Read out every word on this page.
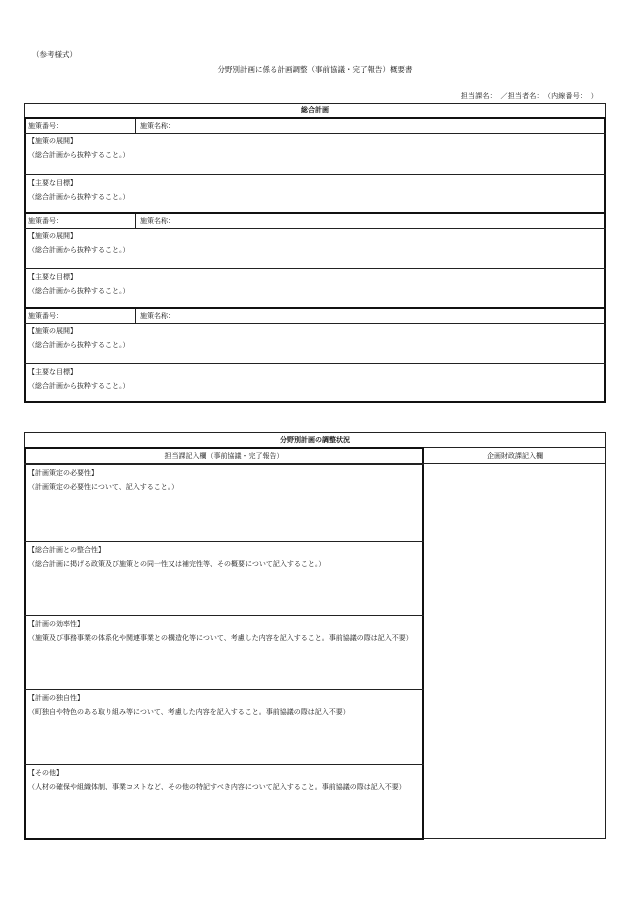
（参考様式）
分野別計画に係る計画調整（事前協議・完了報告）概要書
担当課名：　／担当者名：　（内線番号：　）
総合計画
施策番号：	施策名称：
【施策の展開】
（総合計画から抜粋すること。）
【主要な目標】
（総合計画から抜粋すること。）
施策番号：	施策名称：
【施策の展開】
（総合計画から抜粋すること。）
【主要な目標】
（総合計画から抜粋すること。）
施策番号：	施策名称：
【施策の展開】
（総合計画から抜粋すること。）
【主要な目標】
（総合計画から抜粋すること。）
分野別計画の調整状況
担当課記入欄（事前協議・完了報告）	企画財政課記入欄
【計画策定の必要性】
（計画策定の必要性について、記入すること。）
【総合計画との整合性】
（総合計画に掲げる政策及び施策との同一性又は補完性等、その概要について記入すること。）
【計画の効率性】
（施策及び事務事業の体系化や関連事業との構造化等について、考慮した内容を記入すること。事前協議の際は記入不要）
【計画の独自性】
（町独自や特色のある取り組み等について、考慮した内容を記入すること。事前協議の際は記入不要）
【その他】
（人材の確保や組織体制、事業コストなど、その他の特記すべき内容について記入すること。事前協議の際は記入不要）
